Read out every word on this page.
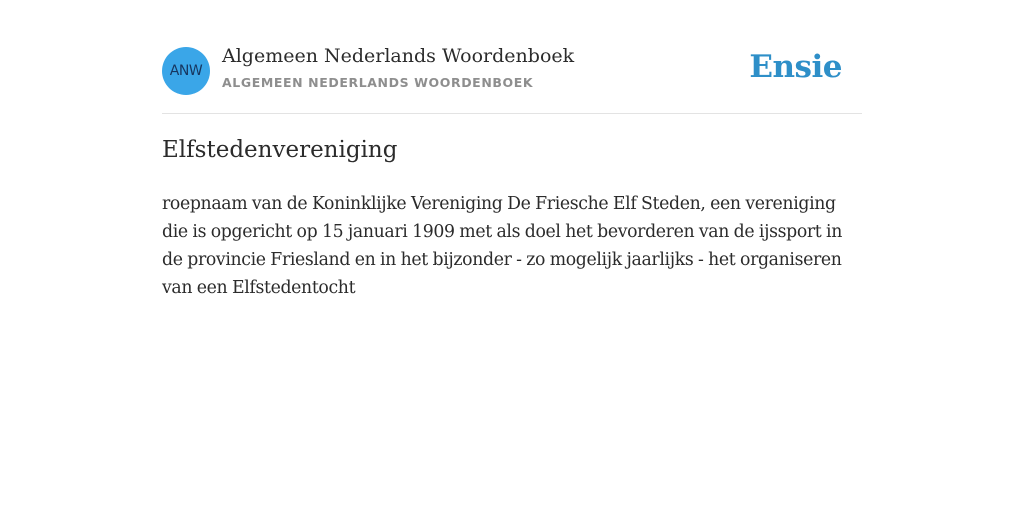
ANW
Algemeen Nederlands Woordenboek
ALGEMEEN NEDERLANDS WOORDENBOEK	Ensie
Elfstedenvereniging

roepnaam van de Koninklijke Vereniging De Friesche Elf Steden, een vereniging die is opgericht op 15 januari 1909 met als doel het bevorderen van de ijssport in de provincie Friesland en in het bijzonder - zo mogelijk jaarlijks - het organiseren van een Elfstedentocht
